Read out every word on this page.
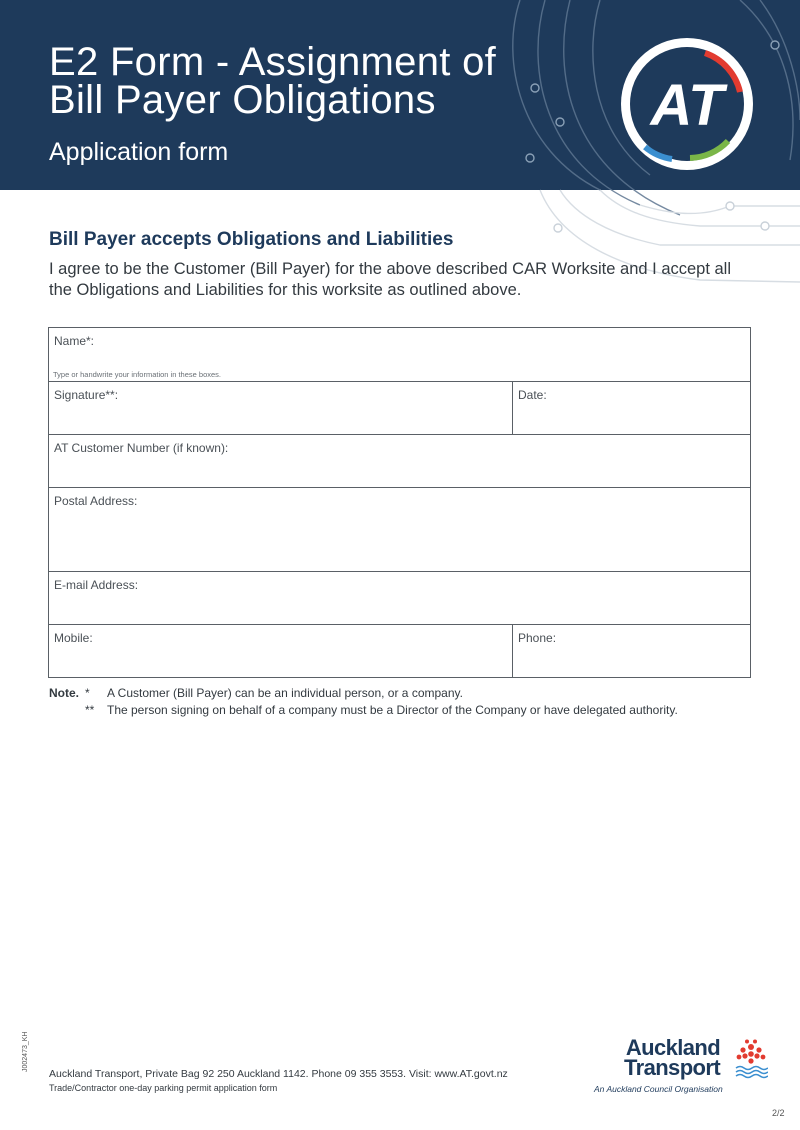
E2 Form - Assignment of
Bill Payer Obligations

Application form

AT
Bill Payer accepts Obligations and Liabilities

I agree to be the Customer (Bill Payer) for the above described CAR Worksite and I accept all the Obligations and Liabilities for this worksite as outlined above.

Name*:
Type or handwrite your information in these boxes.
Signature**:	Date:
AT Customer Number (if known):
Postal Address:
E-mail Address:
Mobile:	Phone:
Note. *	A Customer (Bill Payer) can be an individual person, or a company.
**	The person signing on behalf of a company must be a Director of the Company or have delegated authority.
J002473_KH
Auckland Transport, Private Bag 92 250 Auckland 1142. Phone 09 355 3553. Visit: www.AT.govt.nz
Trade/Contractor one-day parking permit application form
Auckland
Transport
An Auckland Council Organisation
2/2
